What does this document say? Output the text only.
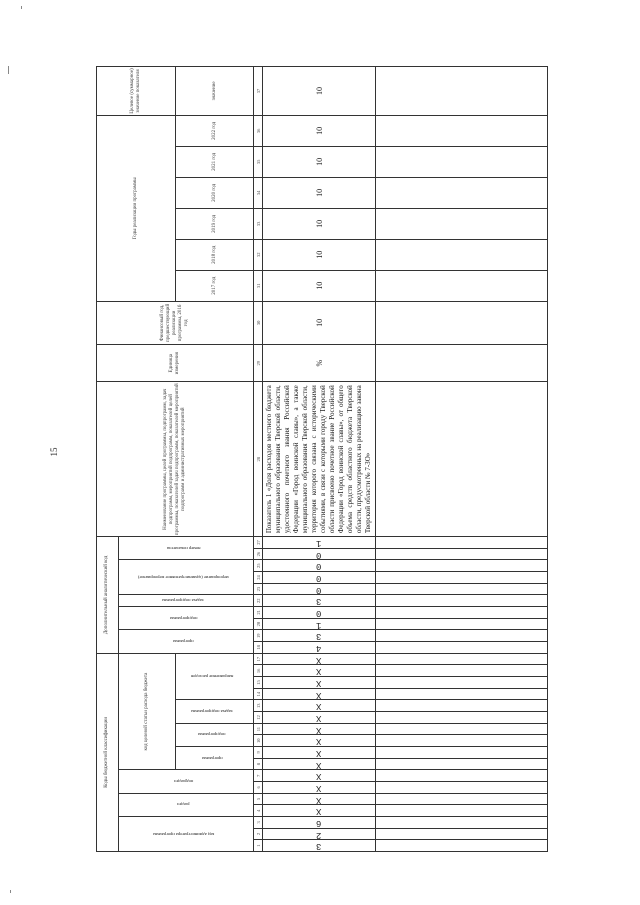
15
Коды бюджетной классификации																	Дополнительный аналитический код										Наименование программы, целей программы, подпрограмм, задач подпрограмм, мероприятий подпрограмм, показателей целей программы, показателей задач подпрограмм, показателей мероприятий подпрограмм и административных мероприятий	Единица измерения	Финансовый год, предшествующий реализации программы, 2016 год	Годы реализации программы						Целевое (суммарное) значение показателя
код администратора программы			раздел		подраздел		код целевой статьи расхода бюджета										программа		подпрограмма		задача подпрограммы	мероприятие (административное мероприятие)			номер показателя											
							программа		подпрограмма		задача подпрограммы		направление расходов																	2017 год	2018 год	2019 год	2020 год	2021 год	2022 год	значение
1	2	3	4	5	6	7	8	9	10	11	12	13	14	15	16	17	18	19	20	21	22	23	24	25	26	27	28	29	30	31	32	33	34	35	36	37
3	2	6	Х	Х	Х	Х	Х	Х	Х	Х	Х	Х	Х	Х	Х	Х	4	3	1	0	3	0	0	0	0	1	Показатель 1 «Доля расходов местного бюджета муниципального образования Тверской области, удостоенного почетного звания Российской Федерации «Город воинской славы», а также муниципального образования Тверской области, территория которого связана с историческими событиями, в связи с которыми городу Тверской области присвоено почетное звание Российской Федерации «Город воинской славы», от общего объема средств областного бюджета Тверской области, предусмотренных на реализацию закона Тверской области № 7-ЗО»	%	10	10	10	10	10	10	10	10
